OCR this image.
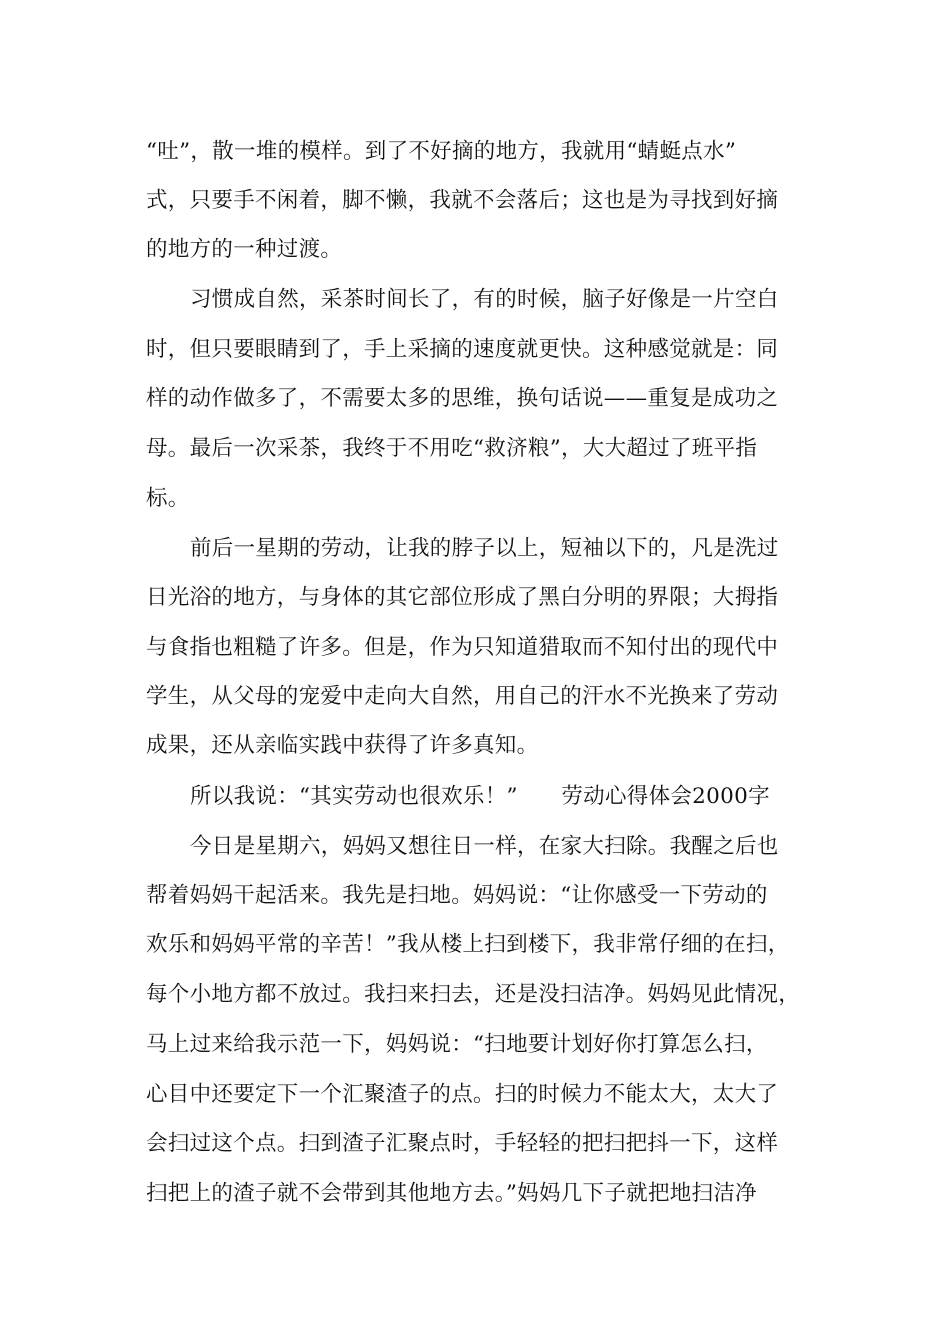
“吐”，散一堆的模样。到了不好摘的地方，我就用“蜻蜓点水”

式，只要手不闲着，脚不懒，我就不会落后；这也是为寻找到好摘

的地方的一种过渡。

习惯成自然，采茶时间长了，有的时候，脑子好像是一片空白

时，但只要眼睛到了，手上采摘的速度就更快。这种感觉就是：同

样的动作做多了，不需要太多的思维，换句话说——重复是成功之

母。最后一次采茶，我终于不用吃“救济粮”，大大超过了班平指

标。

前后一星期的劳动，让我的脖子以上，短袖以下的，凡是洗过

日光浴的地方，与身体的其它部位形成了黑白分明的界限；大拇指

与食指也粗糙了许多。但是，作为只知道猎取而不知付出的现代中

学生，从父母的宠爱中走向大自然，用自己的汗水不光换来了劳动

成果，还从亲临实践中获得了许多真知。

所以我说：“其实劳动也很欢乐！”　　劳动心得体会2000字

今日是星期六，妈妈又想往日一样，在家大扫除。我醒之后也

帮着妈妈干起活来。我先是扫地。妈妈说：“让你感受一下劳动的

欢乐和妈妈平常的辛苦！”我从楼上扫到楼下，我非常仔细的在扫，

每个小地方都不放过。我扫来扫去，还是没扫洁净。妈妈见此情况，

马上过来给我示范一下，妈妈说：“扫地要计划好你打算怎么扫，

心目中还要定下一个汇聚渣子的点。扫的时候力不能太大，太大了

会扫过这个点。扫到渣子汇聚点时，手轻轻的把扫把抖一下，这样

扫把上的渣子就不会带到其他地方去。”妈妈几下子就把地扫洁净
